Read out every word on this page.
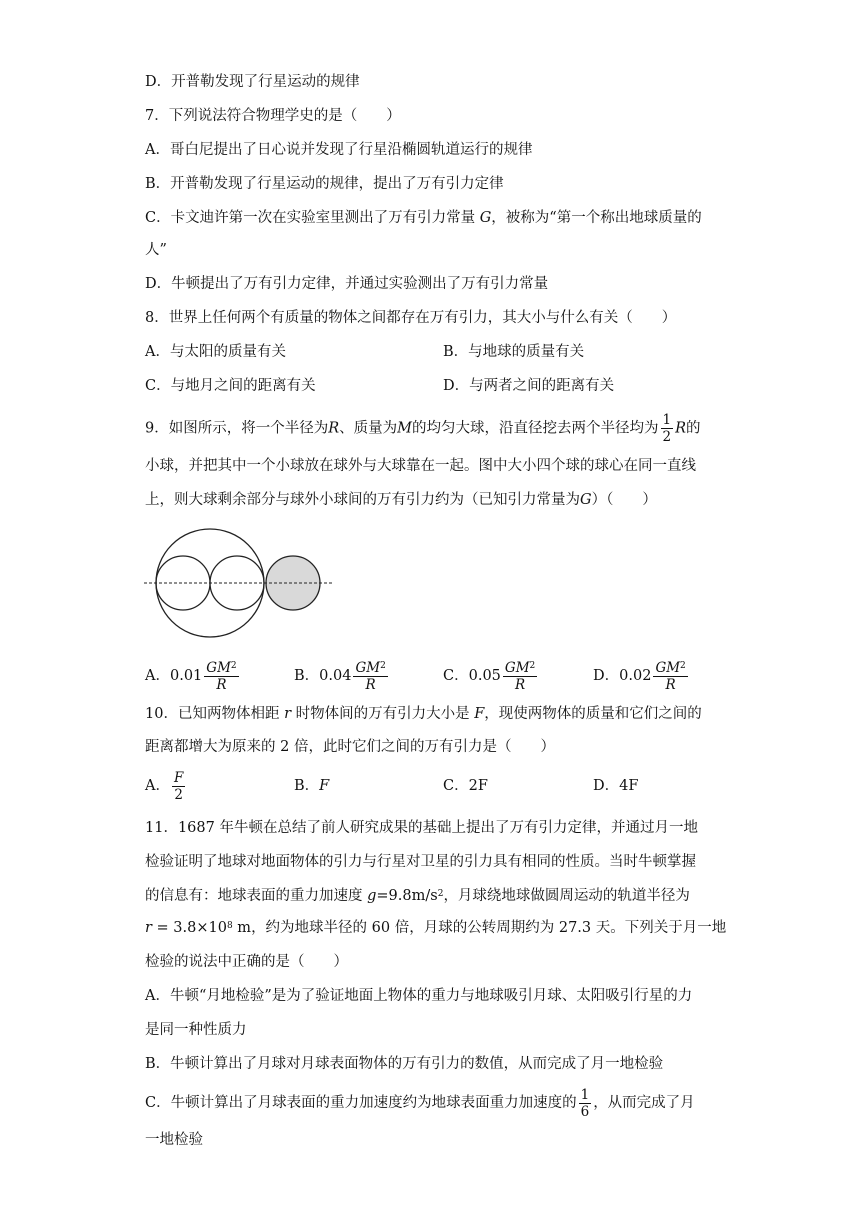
D．开普勒发现了行星运动的规律
7．下列说法符合物理学史的是（　　）
A．哥白尼提出了日心说并发现了行星沿椭圆轨道运行的规律
B．开普勒发现了行星运动的规律，提出了万有引力定律
C．卡文迪许第一次在实验室里测出了万有引力常量 G，被称为“第一个称出地球质量的
人”
D．牛顿提出了万有引力定律，并通过实验测出了万有引力常量
8．世界上任何两个有质量的物体之间都存在万有引力，其大小与什么有关（　　）
A．与太阳的质量有关	B．与地球的质量有关
C．与地月之间的距离有关	D．与两者之间的距离有关
9．如图所示，将一个半径为R、质量为M的均匀大球，沿直径挖去两个半径均为 $\frac{1}{2}$ R的
小球，并把其中一个小球放在球外与大球靠在一起。图中大小四个球的球心在同一直线
上，则大球剩余部分与球外小球间的万有引力约为（已知引力常量为G）（　　）
A．$0.01 \frac{GM^2}{R}$	B．$0.04 \frac{GM^2}{R}$	C．$0.05 \frac{GM^2}{R}$	D．$0.02 \frac{GM^2}{R}$
10．已知两物体相距 r 时物体间的万有引力大小是 F，现使两物体的质量和它们之间的
距离都增大为原来的 2 倍，此时它们之间的万有引力是（　　）
A． $\frac{F}{2}$	B．F	C．2F	D．4F
11．1687 年牛顿在总结了前人研究成果的基础上提出了万有引力定律，并通过月一地
检验证明了地球对地面物体的引力与行星对卫星的引力具有相同的性质。当时牛顿掌握
的信息有：地球表面的重力加速度 $g=9.8m/s^2$，月球绕地球做圆周运动的轨道半径为
$r = 3.8\times 10^8$ m，约为地球半径的 60 倍，月球的公转周期约为 27.3 天。下列关于月一地
检验的说法中正确的是（　　）
A．牛顿“月地检验”是为了验证地面上物体的重力与地球吸引月球、太阳吸引行星的力
是同一种性质力
B．牛顿计算出了月球对月球表面物体的万有引力的数值，从而完成了月一地检验
C．牛顿计算出了月球表面的重力加速度约为地球表面重力加速度的 $\frac{1}{6}$ ，从而完成了月
一地检验
